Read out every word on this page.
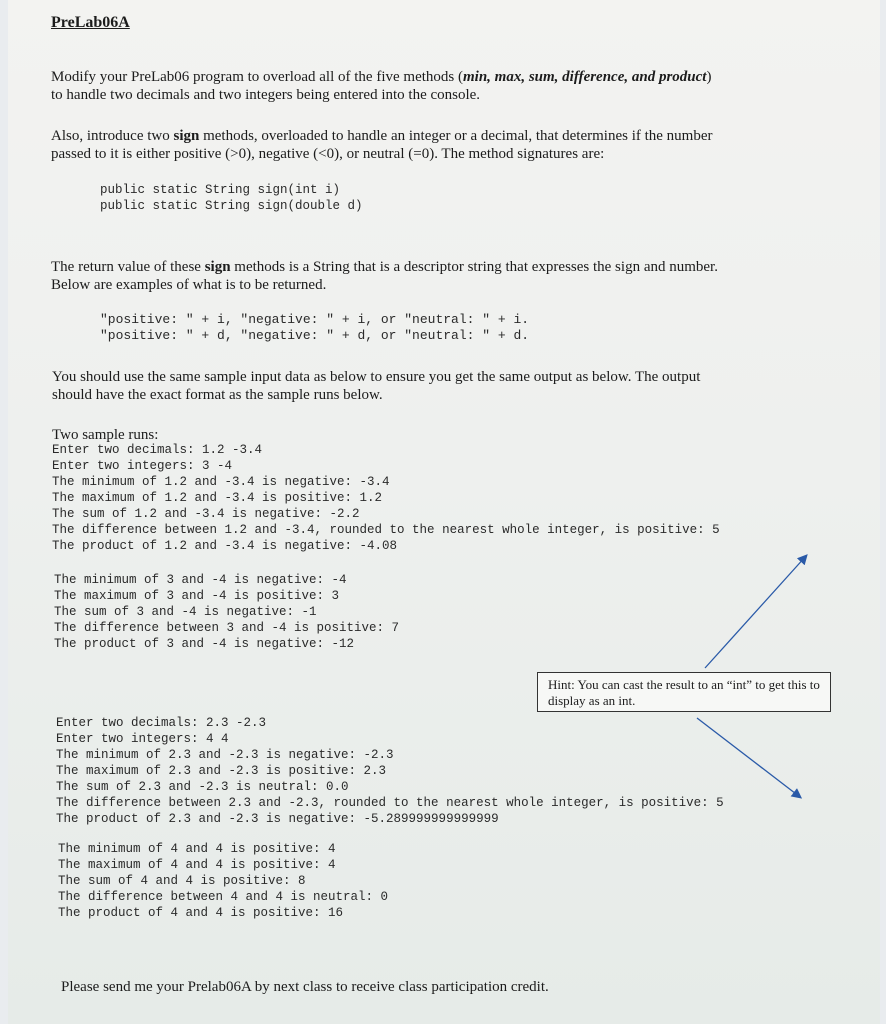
PreLab06A
Modify your PreLab06 program to overload all of the five methods (min, max, sum, difference, and product)
to handle two decimals and two integers being entered into the console.
Also, introduce two sign methods, overloaded to handle an integer or a decimal, that determines if the number
passed to it is either positive (>0), negative (<0), or neutral (=0). The method signatures are:
public static String sign(int i)
public static String sign(double d)
The return value of these sign methods is a String that is a descriptor string that expresses the sign and number.
Below are examples of what is to be returned.
"positive: " + i, "negative: " + i, or "neutral: " + i.
"positive: " + d, "negative: " + d, or "neutral: " + d.
You should use the same sample input data as below to ensure you get the same output as below. The output
should have the exact format as the sample runs below.
Two sample runs:
Enter two decimals: 1.2 -3.4
Enter two integers: 3 -4
The minimum of 1.2 and -3.4 is negative: -3.4
The maximum of 1.2 and -3.4 is positive: 1.2
The sum of 1.2 and -3.4 is negative: -2.2
The difference between 1.2 and -3.4, rounded to the nearest whole integer, is positive: 5
The product of 1.2 and -3.4 is negative: -4.08
The minimum of 3 and -4 is negative: -4
The maximum of 3 and -4 is positive: 3
The sum of 3 and -4 is negative: -1
The difference between 3 and -4 is positive: 7
The product of 3 and -4 is negative: -12
Hint: You can cast the result to an “int” to get this to display as an int.
Enter two decimals: 2.3 -2.3
Enter two integers: 4 4
The minimum of 2.3 and -2.3 is negative: -2.3
The maximum of 2.3 and -2.3 is positive: 2.3
The sum of 2.3 and -2.3 is neutral: 0.0
The difference between 2.3 and -2.3, rounded to the nearest whole integer, is positive: 5
The product of 2.3 and -2.3 is negative: -5.289999999999999
The minimum of 4 and 4 is positive: 4
The maximum of 4 and 4 is positive: 4
The sum of 4 and 4 is positive: 8
The difference between 4 and 4 is neutral: 0
The product of 4 and 4 is positive: 16
Please send me your Prelab06A by next class to receive class participation credit.
